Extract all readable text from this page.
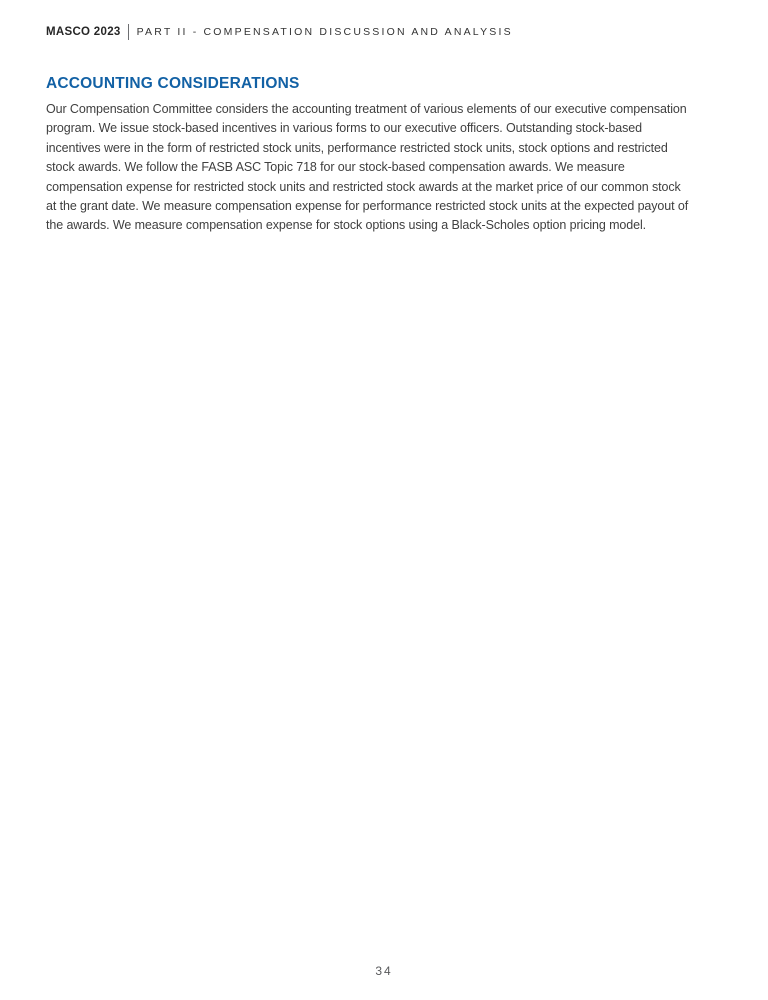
MASCO 2023 PART II - COMPENSATION DISCUSSION AND ANALYSIS
ACCOUNTING CONSIDERATIONS
Our Compensation Committee considers the accounting treatment of various elements of our executive compensation
program. We issue stock-based incentives in various forms to our executive officers. Outstanding stock-based
incentives were in the form of restricted stock units, performance restricted stock units, stock options and restricted
stock awards. We follow the FASB ASC Topic 718 for our stock-based compensation awards. We measure
compensation expense for restricted stock units and restricted stock awards at the market price of our common stock
at the grant date. We measure compensation expense for performance restricted stock units at the expected payout of
the awards. We measure compensation expense for stock options using a Black-Scholes option pricing model.
34
